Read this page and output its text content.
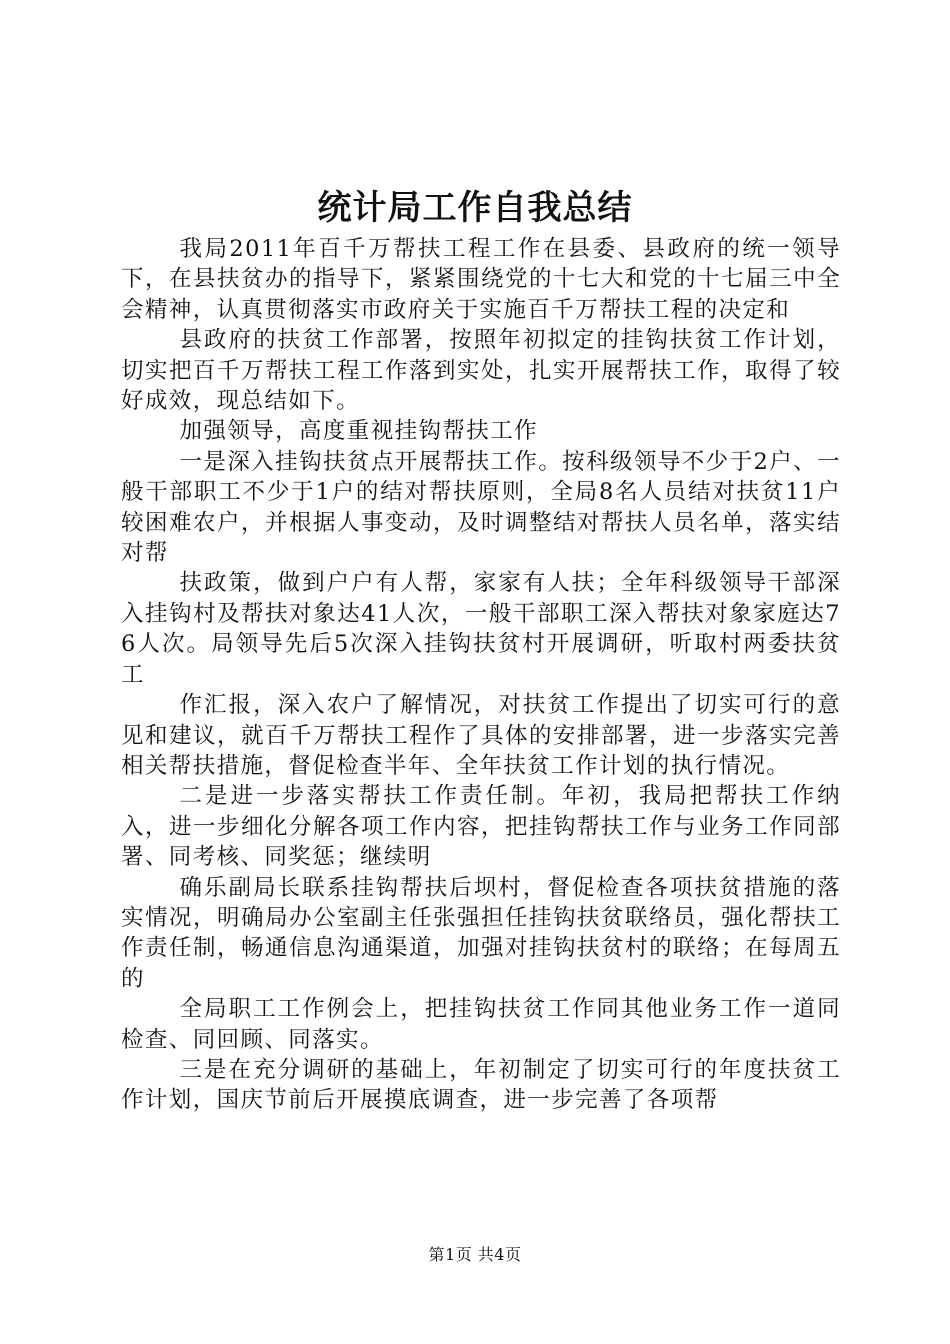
统计局工作自我总结

我局2011年百千万帮扶工程工作在县委、县政府的统一领导下，在县扶贫办的指导下，紧紧围绕党的十七大和党的十七届三中全会精神，认真贯彻落实市政府关于实施百千万帮扶工程的决定和

县政府的扶贫工作部署，按照年初拟定的挂钩扶贫工作计划，切实把百千万帮扶工程工作落到实处，扎实开展帮扶工作，取得了较好成效，现总结如下。

加强领导，高度重视挂钩帮扶工作

一是深入挂钩扶贫点开展帮扶工作。按科级领导不少于2户、一般干部职工不少于1户的结对帮扶原则，全局8名人员结对扶贫11户较困难农户，并根据人事变动，及时调整结对帮扶人员名单，落实结对帮

扶政策，做到户户有人帮，家家有人扶；全年科级领导干部深入挂钩村及帮扶对象达41人次，一般干部职工深入帮扶对象家庭达76人次。局领导先后5次深入挂钩扶贫村开展调研，听取村两委扶贫工

作汇报，深入农户了解情况，对扶贫工作提出了切实可行的意见和建议，就百千万帮扶工程作了具体的安排部署，进一步落实完善相关帮扶措施，督促检查半年、全年扶贫工作计划的执行情况。

二是进一步落实帮扶工作责任制。年初，我局把帮扶工作纳入，进一步细化分解各项工作内容，把挂钩帮扶工作与业务工作同部署、同考核、同奖惩；继续明

确乐副局长联系挂钩帮扶后坝村，督促检查各项扶贫措施的落实情况，明确局办公室副主任张强担任挂钩扶贫联络员，强化帮扶工作责任制，畅通信息沟通渠道，加强对挂钩扶贫村的联络；在每周五的

全局职工工作例会上，把挂钩扶贫工作同其他业务工作一道同检查、同回顾、同落实。

三是在充分调研的基础上，年初制定了切实可行的年度扶贫工作计划，国庆节前后开展摸底调查，进一步完善了各项帮

第1页 共4页
